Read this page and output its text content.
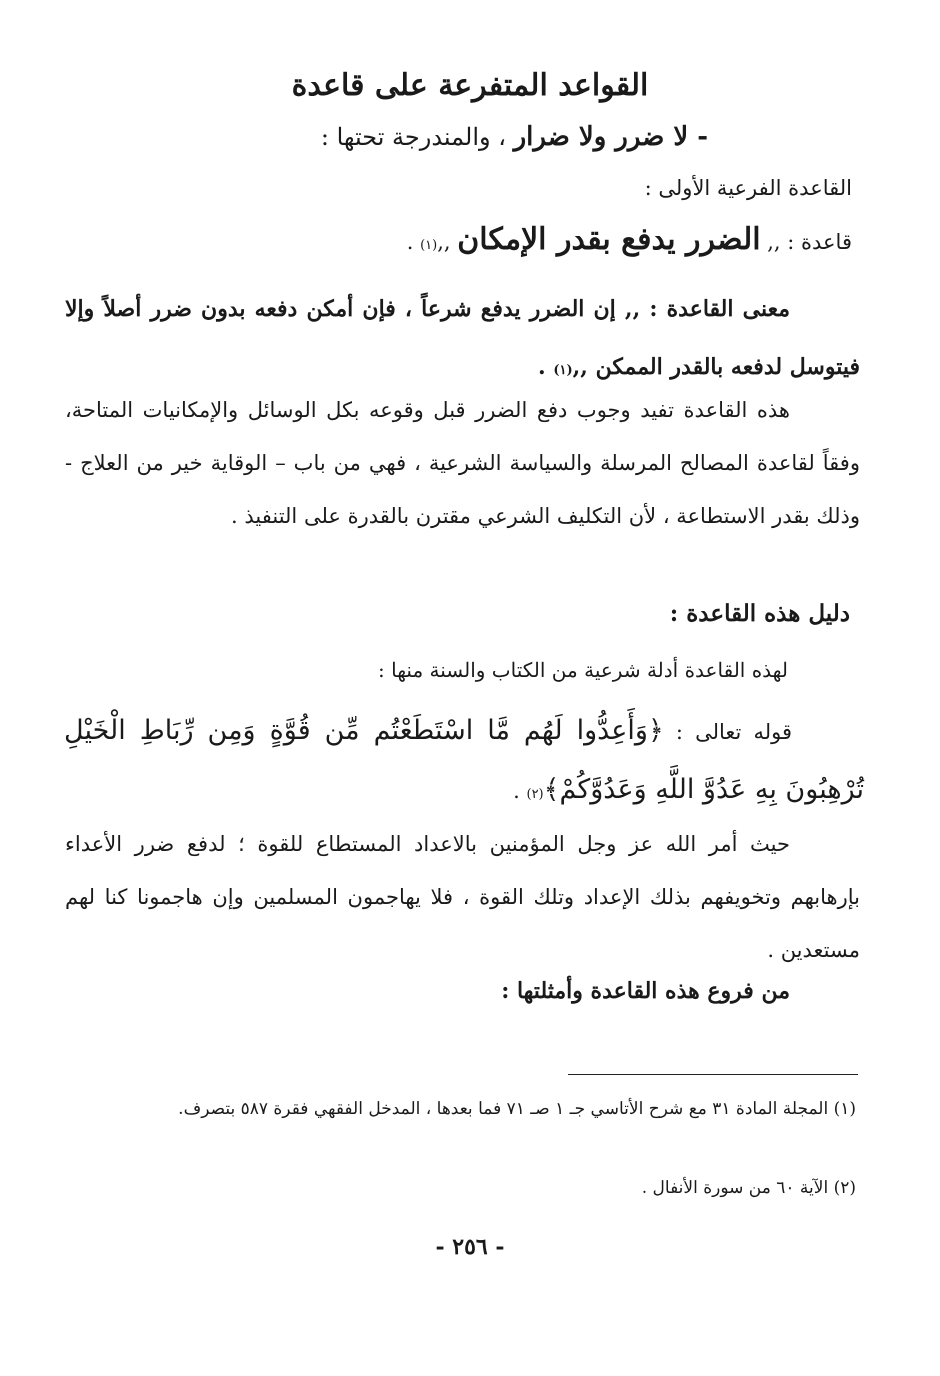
القواعد المتفرعة على قاعدة
- لا ضرر ولا ضرار ، والمندرجة تحتها :
القاعدة الفرعية الأولى :
قاعدة : ,, الضرر يدفع بقدر الإمكان ,,(١) .
معنى القاعدة : ,, إن الضرر يدفع شرعاً ، فإن أمكن دفعه بدون ضرر أصلاً وإلا فيتوسل لدفعه بالقدر الممكن ,,(١) .
هذه القاعدة تفيد وجوب دفع الضرر قبل وقوعه بكل الوسائل والإمكانيات المتاحة، وفقاً لقاعدة المصالح المرسلة والسياسة الشرعية ، فهي من باب – الوقاية خير من العلاج - وذلك بقدر الاستطاعة ، لأن التكليف الشرعي مقترن بالقدرة على التنفيذ .
دليل هذه القاعدة :
لهذه القاعدة أدلة شرعية من الكتاب والسنة منها :
قوله تعالى : ﴿وَأَعِدُّوا لَهُم مَّا اسْتَطَعْتُم مِّن قُوَّةٍ وَمِن رِّبَاطِ الْخَيْلِ تُرْهِبُونَ بِهِ عَدُوَّ اللَّهِ وَعَدُوَّكُمْ﴾(٢) .
حيث أمر الله عز وجل المؤمنين بالاعداد المستطاع للقوة ؛ لدفع ضرر الأعداء بإرهابهم وتخويفهم بذلك الإعداد وتلك القوة ، فلا يهاجمون المسلمين وإن هاجمونا كنا لهم مستعدين .
من فروع هذه القاعدة وأمثلتها :
(١) المجلة المادة ٣١ مع شرح الأتاسي جـ ١ صـ ٧١ فما بعدها ، المدخل الفقهي فقرة ٥٨٧ بتصرف.
(٢) الآية ٦٠ من سورة الأنفال .
- ٢٥٦ -
